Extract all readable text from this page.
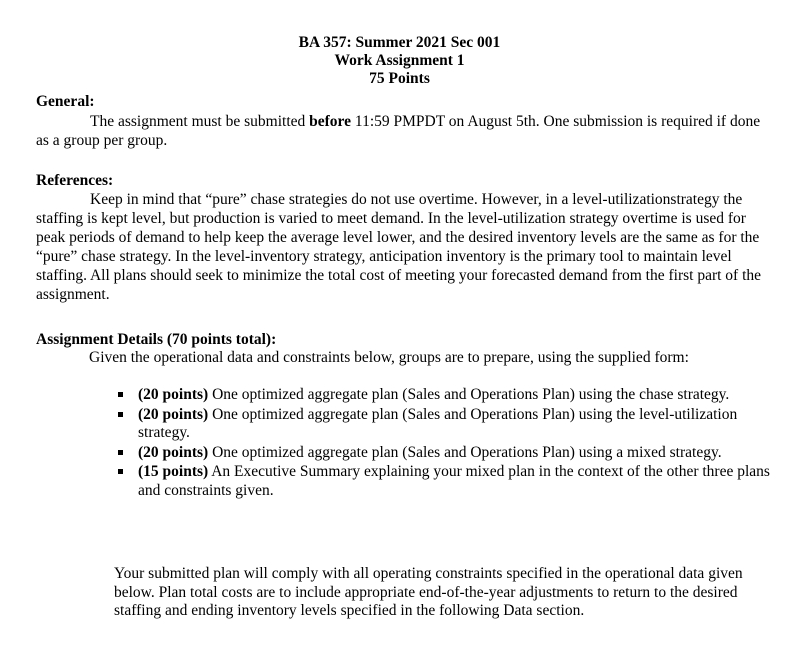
BA 357: Summer 2021 Sec 001
Work Assignment 1
75 Points
General:
The assignment must be submitted before 11:59 PMPDT on August 5th. One submission is required if done as a group per group.
References:
Keep in mind that “pure” chase strategies do not use overtime. However, in a level-utilizationstrategy the staffing is kept level, but production is varied to meet demand. In the level-utilization strategy overtime is used for peak periods of demand to help keep the average level lower, and the desired inventory levels are the same as for the “pure” chase strategy. In the level-inventory strategy, anticipation inventory is the primary tool to maintain level staffing. All plans should seek to minimize the total cost of meeting your forecasted demand from the first part of the assignment.
Assignment Details (70 points total):
Given the operational data and constraints below, groups are to prepare, using the supplied form:
(20 points) One optimized aggregate plan (Sales and Operations Plan) using the chase strategy.
(20 points) One optimized aggregate plan (Sales and Operations Plan) using the level-utilization strategy.
(20 points) One optimized aggregate plan (Sales and Operations Plan) using a mixed strategy.
(15 points) An Executive Summary explaining your mixed plan in the context of the other three plans and constraints given.
Your submitted plan will comply with all operating constraints specified in the operational data given below. Plan total costs are to include appropriate end-of-the-year adjustments to return to the desired staffing and ending inventory levels specified in the following Data section.
